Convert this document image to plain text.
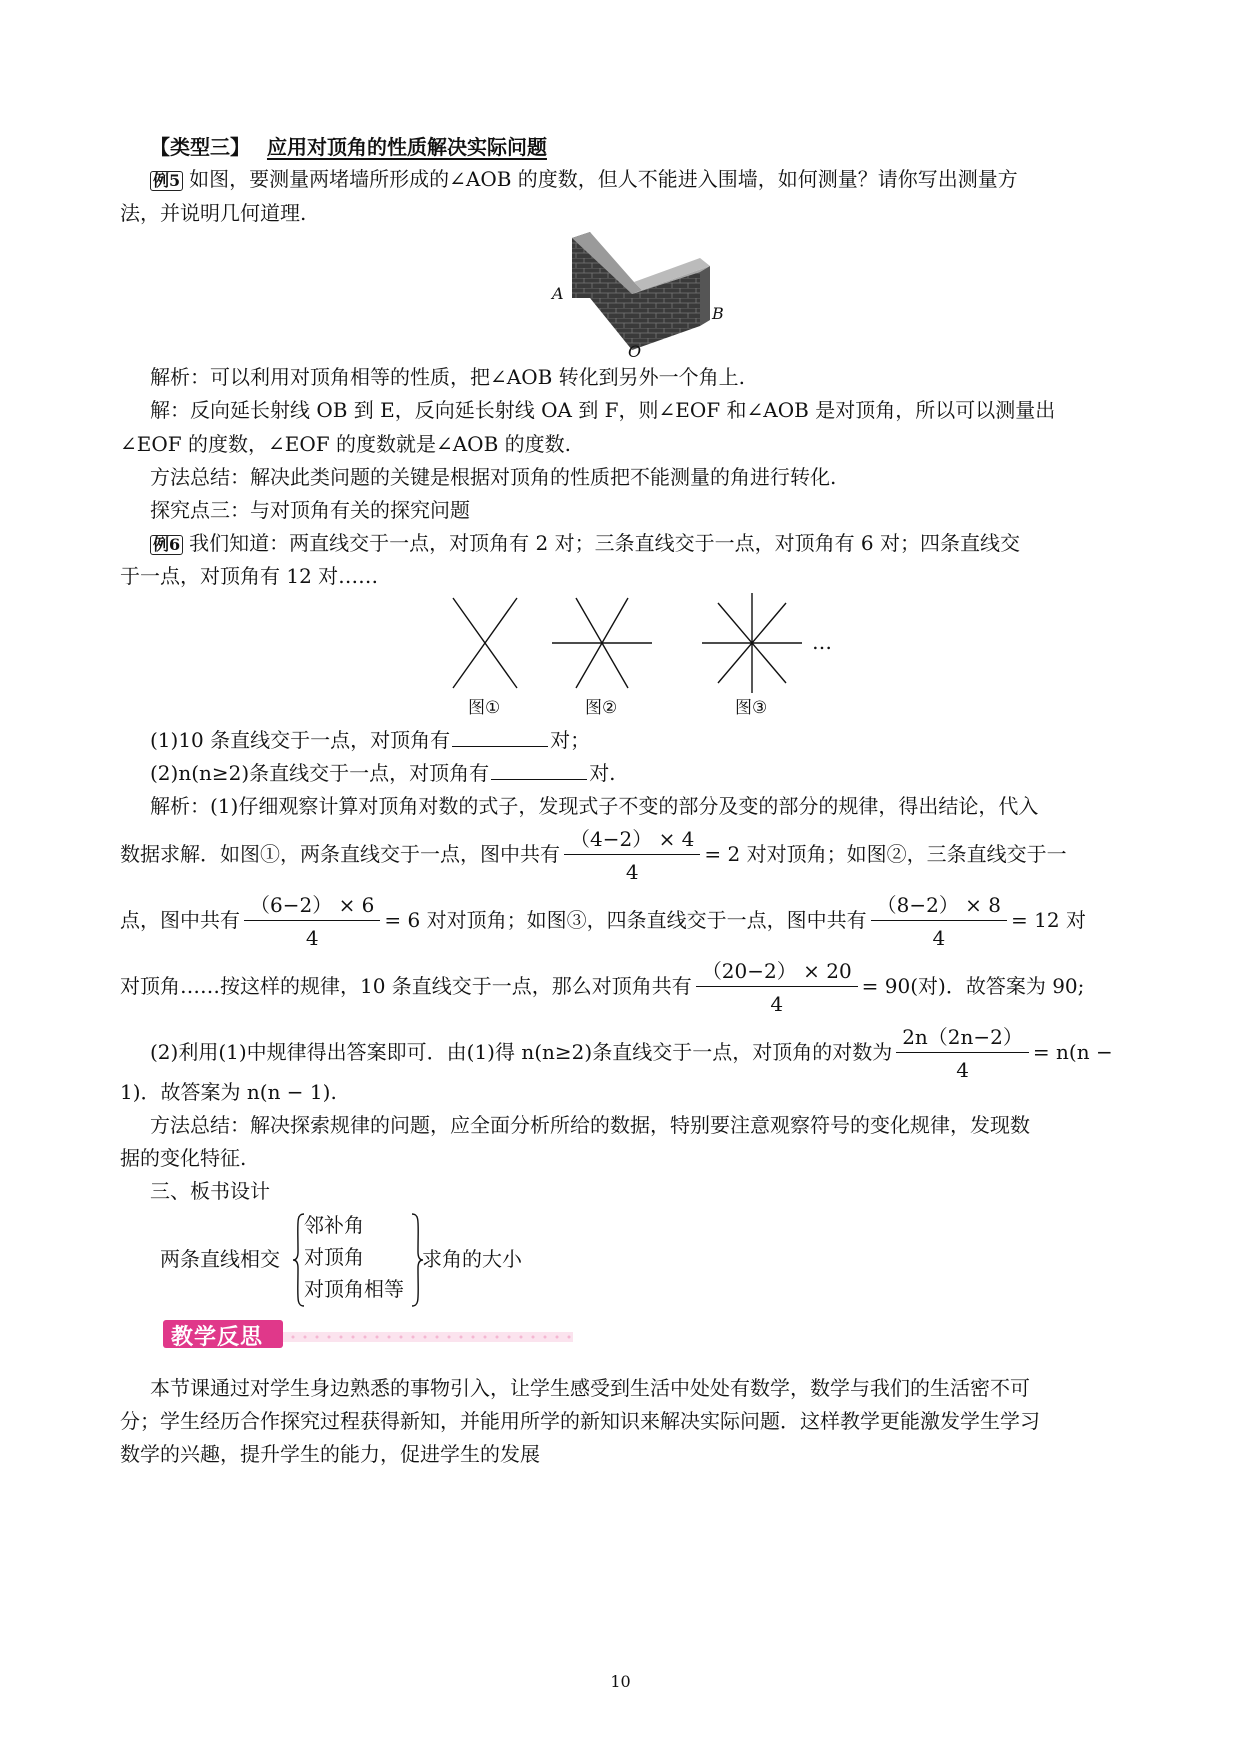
【类型三】 应用对顶角的性质解决实际问题
例5 如图，要测量两堵墙所形成的∠AOB 的度数，但人不能进入围墙，如何测量？请你写出测量方
法，并说明几何道理.
A
B
O
解析：可以利用对顶角相等的性质，把∠AOB 转化到另外一个角上.
解：反向延长射线 OB 到 E，反向延长射线 OA 到 F，则∠EOF 和∠AOB 是对顶角，所以可以测量出
∠EOF 的度数，∠EOF 的度数就是∠AOB 的度数.
方法总结：解决此类问题的关键是根据对顶角的性质把不能测量的角进行转化.
探究点三：与对顶角有关的探究问题
例6 我们知道：两直线交于一点，对顶角有 2 对；三条直线交于一点，对顶角有 6 对；四条直线交
于一点，对顶角有 12 对……
…
图①	图②	图③
(1)10 条直线交于一点，对顶角有	对；
(2)n(n≥2)条直线交于一点，对顶角有	对.
解析：(1)仔细观察计算对顶角对数的式子，发现式子不变的部分及变的部分的规律，得出结论，代入
数据求解．如图①，两条直线交于一点，图中共有 $\frac{(4-2) \times 4}{4} = 2$ 对对顶角；如图②，三条直线交于一
点，图中共有 $\frac{(6-2) \times 6}{4} = 6$ 对对顶角；如图③，四条直线交于一点，图中共有 $\frac{(8-2) \times 8}{4} = 12$ 对
对顶角……按这样的规律，10 条直线交于一点，那么对顶角共有 $\frac{(20-2) \times 20}{4} = 90$(对)．故答案为 90;
(2)利用(1)中规律得出答案即可．由(1)得 n(n≥2)条直线交于一点，对顶角的对数为 $\frac{2n(2n-2)}{4} = n(n$ −
1)．故答案为 n(n − 1).
方法总结：解决探索规律的问题，应全面分析所给的数据，特别要注意观察符号的变化规律，发现数
据的变化特征.
三、板书设计
两条直线相交
邻补角
对顶角
对顶角相等
求角的大小
教学反思
本节课通过对学生身边熟悉的事物引入，让学生感受到生活中处处有数学，数学与我们的生活密不可
分；学生经历合作探究过程获得新知，并能用所学的新知识来解决实际问题．这样教学更能激发学生学习
数学的兴趣，提升学生的能力，促进学生的发展
10
